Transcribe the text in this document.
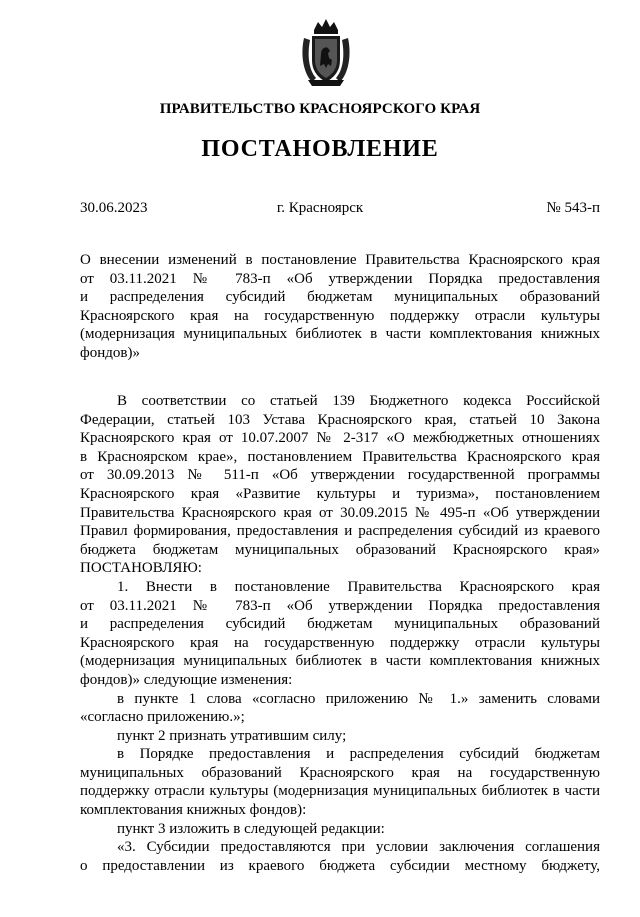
ПРАВИТЕЛЬСТВО КРАСНОЯРСКОГО КРАЯ
ПОСТАНОВЛЕНИЕ
30.06.2023	г. Красноярск	№ 543-п
О внесении изменений в постановление Правительства Красноярского края
от 03.11.2021 № 783-п «Об утверждении Порядка предоставления
и распределения субсидий бюджетам муниципальных образований
Красноярского края на государственную поддержку отрасли культуры
(модернизация муниципальных библиотек в части комплектования книжных
фондов)»
В соответствии со статьей 139 Бюджетного кодекса Российской
Федерации, статьей 103 Устава Красноярского края, статьей 10 Закона
Красноярского края от 10.07.2007 № 2-317 «О межбюджетных отношениях
в Красноярском крае», постановлением Правительства Красноярского края
от 30.09.2013 № 511-п «Об утверждении государственной программы
Красноярского края «Развитие культуры и туризма», постановлением
Правительства Красноярского края от 30.09.2015 № 495-п «Об утверждении
Правил формирования, предоставления и распределения субсидий из краевого
бюджета бюджетам муниципальных образований Красноярского края»
ПОСТАНОВЛЯЮ:
1. Внести в постановление Правительства Красноярского края
от 03.11.2021 № 783-п «Об утверждении Порядка предоставления
и распределения субсидий бюджетам муниципальных образований
Красноярского края на государственную поддержку отрасли культуры
(модернизация муниципальных библиотек в части комплектования книжных
фондов)» следующие изменения:
в пункте 1 слова «согласно приложению № 1.» заменить словами
«согласно приложению.»;
пункт 2 признать утратившим силу;
в Порядке предоставления и распределения субсидий бюджетам
муниципальных образований Красноярского края на государственную
поддержку отрасли культуры (модернизация муниципальных библиотек в части
комплектования книжных фондов):
пункт 3 изложить в следующей редакции:
«3. Субсидии предоставляются при условии заключения соглашения
о предоставлении из краевого бюджета субсидии местному бюджету,
